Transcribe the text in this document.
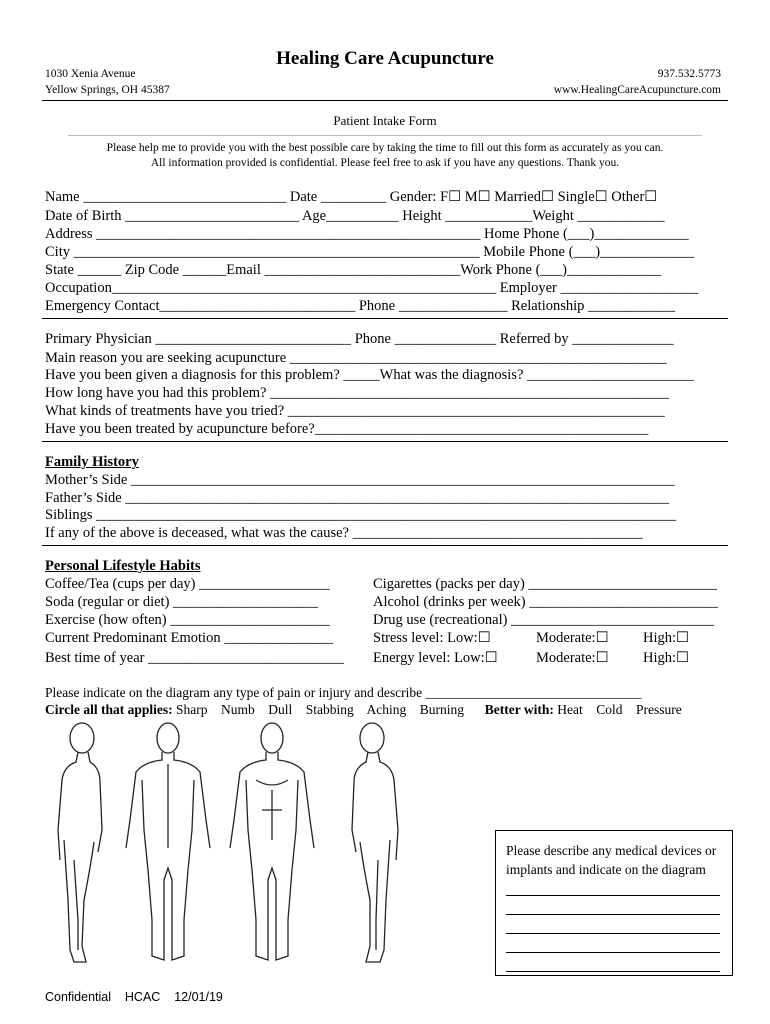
Healing Care Acupuncture
1030 Xenia Avenue
Yellow Springs, OH 45387
937.532.5773
www.HealingCareAcupuncture.com
Patient Intake Form
Please help me to provide you with the best possible care by taking the time to fill out this form as accurately as you can.
All information provided is confidential. Please feel free to ask if you have any questions. Thank you.
Name ____________________________ Date _________ Gender: F☐ M☐ Married☐ Single☐ Other☐
Date of Birth ________________________ Age__________ Height ____________Weight ____________
Address _____________________________________________________ Home Phone (___)_____________
City ________________________________________________________ Mobile Phone (___)_____________
State ______ Zip Code ______Email ___________________________Work Phone (___)_____________
Occupation_____________________________________________________ Employer ___________________
Emergency Contact___________________________ Phone _______________ Relationship ____________
Primary Physician ___________________________ Phone ______________ Referred by ______________
Main reason you are seeking acupuncture ____________________________________________________
Have you been given a diagnosis for this problem? _____What was the diagnosis? _______________________
How long have you had this problem? _______________________________________________________
What kinds of treatments have you tried? ____________________________________________________
Have you been treated by acupuncture before?______________________________________________
Family History
Mother’s Side ___________________________________________________________________________
Father’s Side ___________________________________________________________________________
Siblings ________________________________________________________________________________
If any of the above is deceased, what was the cause? ________________________________________
Personal Lifestyle Habits
Coffee/Tea (cups per day) __________________
Soda (regular or diet) ____________________
Exercise (how often) ______________________
Current Predominant Emotion _______________
Best time of year ___________________________
Cigarettes (packs per day) __________________________
Alcohol (drinks per week) __________________________
Drug use (recreational) ____________________________
Stress level: Low:☐	Moderate:☐ High:☐
Energy level: Low:☐	Moderate:☐ High:☐
Please indicate on the diagram any type of pain or injury and describe ________________________________
Circle all that applies: Sharp    Numb    Dull    Stabbing    Aching    Burning Better with: Heat    Cold    Pressure
Please describe any medical devices or implants and indicate on the diagram
Confidential    HCAC    12/01/19
